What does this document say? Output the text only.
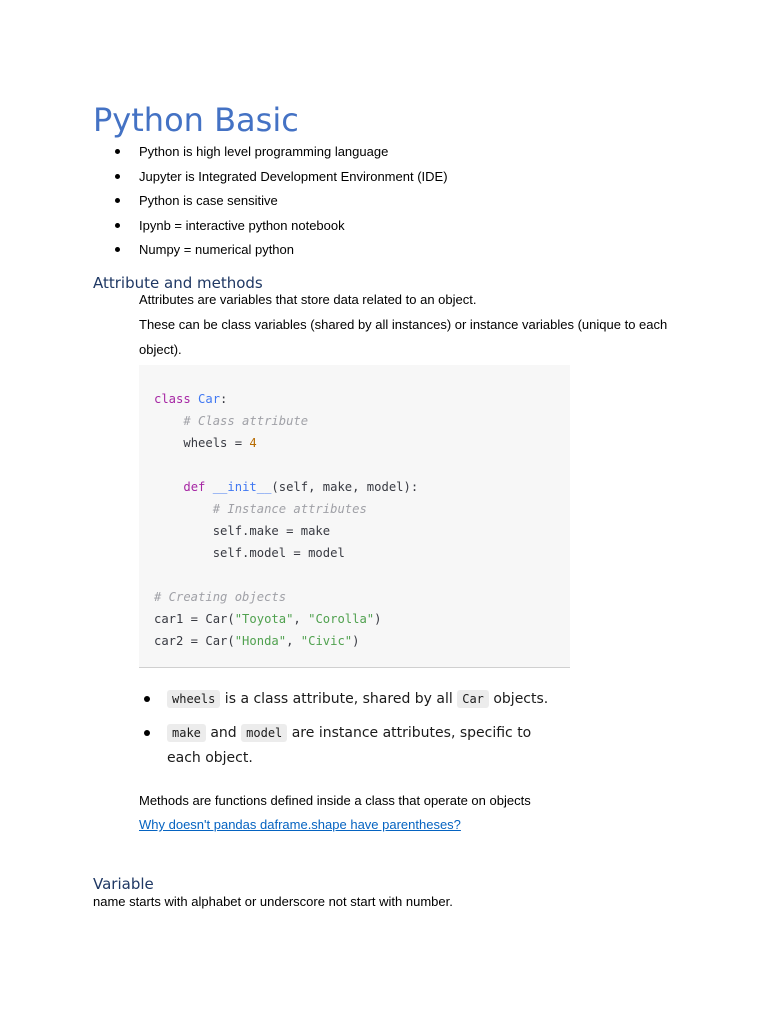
Python Basic
Python is high level programming language
Jupyter is Integrated Development Environment (IDE)
Python is case sensitive
Ipynb = interactive python notebook
Numpy = numerical python
Attribute and methods
Attributes are variables that store data related to an object.
These can be class variables (shared by all instances) or instance variables (unique to each
object).
class Car:
# Class attribute
wheels = 4

def __init__(self, make, model):
# Instance attributes
self.make = make
self.model = model

# Creating objects
car1 = Car("Toyota", "Corolla")
car2 = Car("Honda", "Civic")
wheels is a class attribute, shared by all Car objects.
make and model are instance attributes, specific to each object.
Methods are functions defined inside a class that operate on objects
Why doesn't pandas daframe.shape have parentheses?
Variable
name starts with alphabet or underscore not start with number.
